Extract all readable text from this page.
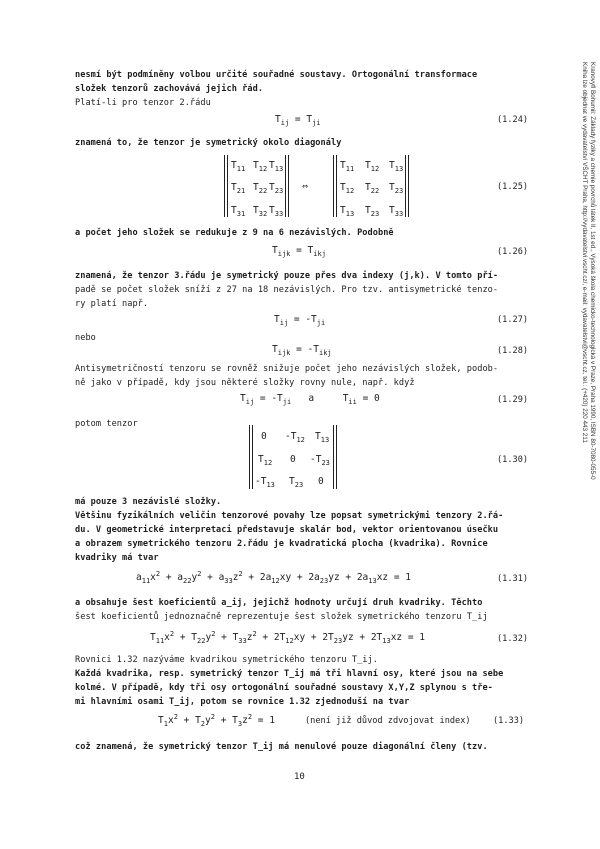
Kranovyfl Bohumil: Základy fyziky a chemie povrchů látek II, 1st ed., Vysoká škola chemicko-technologická v Praze, Praha 1990, ISBN 80-7080-055-0
Kniha lze objednat ve vydavatelství VŠCHT Praha, http://vydavatelstvi.vscht.cz/, e-mail: vydavatelstvi@vscht.cz, tel.: (+420) 220 443 211
nesmí být podmíněny volbou určité souřadné soustavy. Ortogonální transformace
složek tenzorů zachovává jejich řád.
Platí-li pro tenzor 2.řádu
$T_{ij} = T_{ji}$	(1.24)
znamená to, že tenzor je symetrický okolo diagonály
$T_{11}$ $T_{12}$ $T_{13}$
$T_{21}$ $T_{22}$ $T_{23}$
$T_{31}$ $T_{32}$ $T_{33}$
⇔
$T_{11}$ $T_{12}$ $T_{13}$
$T_{12}$ $T_{22}$ $T_{23}$
$T_{13}$ $T_{23}$ $T_{33}$
(1.25)
a počet jeho složek se redukuje z 9 na 6 nezávislých. Podobně
$T_{ijk} = T_{ikj}$	(1.26)
znamená, že tenzor 3.řádu je symetrický pouze přes dva indexy (j,k). V tomto pří-
padě se počet složek sníží z 27 na 18 nezávislých. Pro tzv. antisymetrické tenzo-
ry platí např.
$T_{ij} = -T_{ji}$	(1.27)
nebo
$T_{ijk} = -T_{ikj}$	(1.28)
Antisymetričností tenzoru se rovněž snižuje počet jeho nezávislých složek, podob-
ně jako v případě, kdy jsou některé složky rovny nule, např. když
$T_{ij} = -T_{ji}$   a     $T_{ii} = 0$	(1.29)
potom tenzor
0 $-T_{12}$ $T_{13}$
$T_{12}$ 0 $-T_{23}$
$-T_{13}$ $T_{23}$ 0
(1.30)
má pouze 3 nezávislé složky.
Většinu fyzikálních veličin tenzorové povahy lze popsat symetrickými tenzory 2.řá-
du. V geometrické interpretaci představuje skalár bod, vektor orientovanou úsečku
a obrazem symetrického tenzoru 2.řádu je kvadratická plocha (kvadrika). Rovnice
kvadriky má tvar
$a_{11}x^2 + a_{22}y^2 + a_{33}z^2 + 2a_{12}xy + 2a_{23}yz + 2a_{13}xz = 1$	(1.31)
a obsahuje šest koeficientů a_ij, jejichž hodnoty určují druh kvadriky. Těchto
šest koeficientů jednoznačně reprezentuje šest složek symetrického tenzoru T_ij
$T_{11}x^2 + T_{22}y^2 + T_{33}z^2 + 2T_{12}xy + 2T_{23}yz + 2T_{13}xz = 1$	(1.32)
Rovnici 1.32 nazýváme kvadrikou symetrického tenzoru T_ij.
Každá kvadrika, resp. symetrický tenzor T_ij má tři hlavní osy, které jsou na sebe
kolmé. V případě, kdy tři osy ortogonální souřadné soustavy X,Y,Z splynou s tře-
mi hlavními osami T_ij, potom se rovnice 1.32 zjednoduší na tvar
$T_1x^2 + T_2y^2 + T_3z^2 = 1$	(není již důvod zdvojovat index)	(1.33)
což znamená, že symetrický tenzor T_ij má nenulové pouze diagonální členy (tzv.
10
